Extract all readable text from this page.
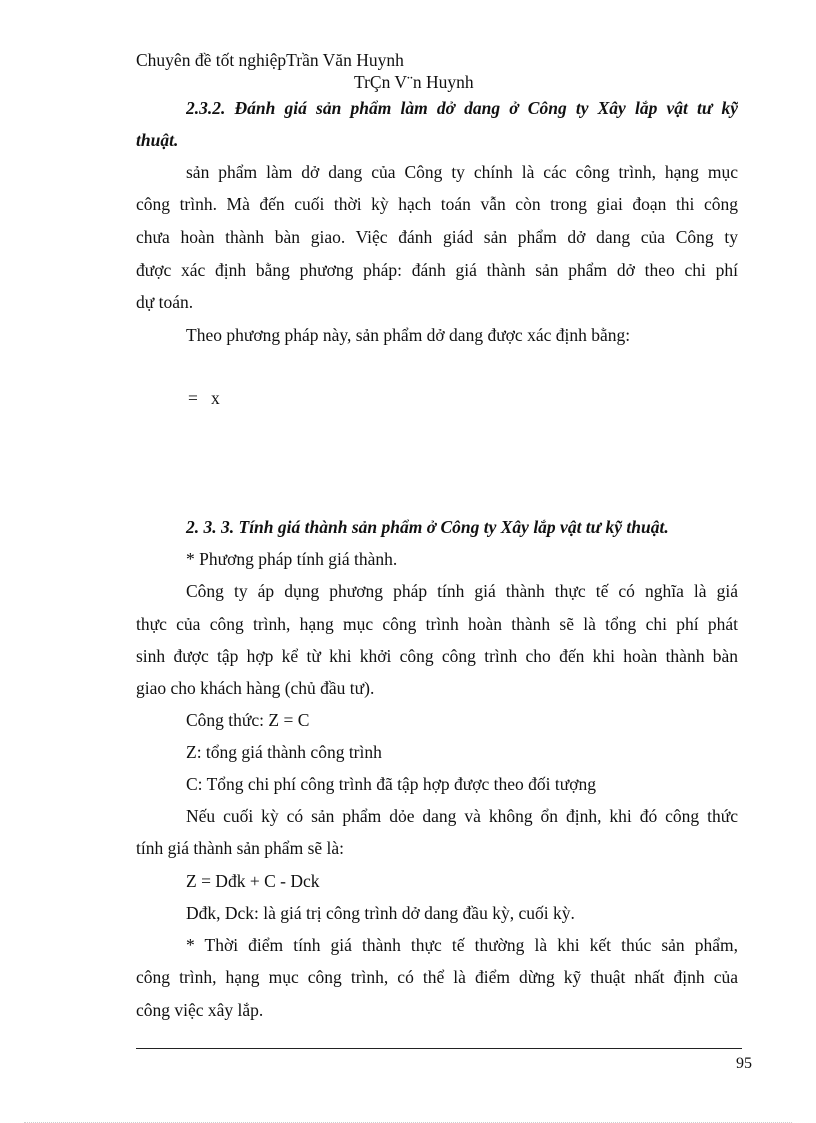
Chuyên đề tốt nghiệpTrần Văn Huynh
TrÇn V¨n Huynh
2.3.2. Đánh giá sản phẩm làm dở dang ở Công ty Xây lắp vật tư kỹ
thuật.
sản phẩm làm dở dang của Công ty chính là các công trình, hạng mục
công trình. Mà đến cuối thời kỳ hạch toán vẫn còn trong giai đoạn thi công
chưa hoàn thành bàn giao. Việc đánh giád sản phẩm dở dang của Công ty
được xác định bằng phương pháp: đánh giá thành sản phẩm dở theo chi phí
dự toán.
Theo phương pháp này, sản phẩm dở dang được xác định bằng:
=   x
2. 3. 3. Tính giá thành sản phẩm ở Công ty Xây lắp vật tư kỹ thuật.
* Phương pháp tính giá thành.
Công ty áp dụng phương pháp tính giá thành thực tế có nghĩa là giá
thực của công trình, hạng mục công trình hoàn thành sẽ là tổng chi phí phát
sinh được tập hợp kể từ khi khởi công công trình cho đến khi hoàn thành bàn
giao cho khách hàng (chủ đầu tư).
Công thức: Z = C
Z: tổng giá thành công trình
C: Tổng chi phí công trình đã tập hợp được theo đối tượng
Nếu cuối kỳ có sản phẩm dỏe dang và không ổn định, khi đó công thức
tính giá thành sản phẩm sẽ là:
Z = Dđk + C - Dck
Dđk, Dck: là giá trị công trình dở dang đầu kỳ, cuối kỳ.
* Thời điểm tính giá thành thực tế thường là khi kết thúc sản phẩm,
công trình, hạng mục công trình, có thể là điểm dừng kỹ thuật nhất định của
công việc xây lắp.
95
